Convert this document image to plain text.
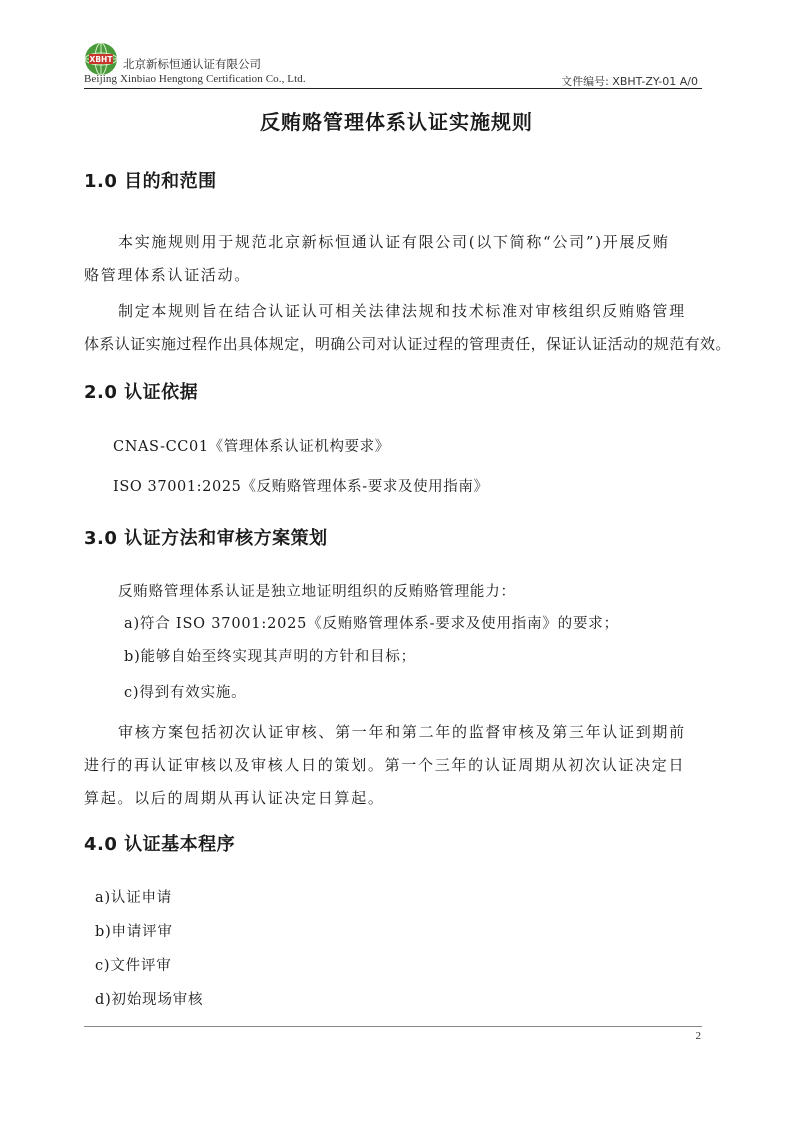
XBHT 北京新标恒通认证有限公司
Beijing Xinbiao Hengtong Certification Co., Ltd.	文件编号: XBHT-ZY-01 A/0
反贿赂管理体系认证实施规则
1.0 目的和范围
本实施规则用于规范北京新标恒通认证有限公司(以下简称“公司”)开展反贿
赂管理体系认证活动。
制定本规则旨在结合认证认可相关法律法规和技术标准对审核组织反贿赂管理
体系认证实施过程作出具体规定，明确公司对认证过程的管理责任，保证认证活动的规范有效。
2.0 认证依据
CNAS-CC01《管理体系认证机构要求》
ISO 37001:2025《反贿赂管理体系-要求及使用指南》
3.0 认证方法和审核方案策划
反贿赂管理体系认证是独立地证明组织的反贿赂管理能力：
a)符合 ISO 37001:2025《反贿赂管理体系-要求及使用指南》的要求；
b)能够自始至终实现其声明的方针和目标；
c)得到有效实施。
审核方案包括初次认证审核、第一年和第二年的监督审核及第三年认证到期前
进行的再认证审核以及审核人日的策划。第一个三年的认证周期从初次认证决定日
算起。以后的周期从再认证决定日算起。
4.0 认证基本程序
a)认证申请
b)申请评审
c)文件评审
d)初始现场审核
2
